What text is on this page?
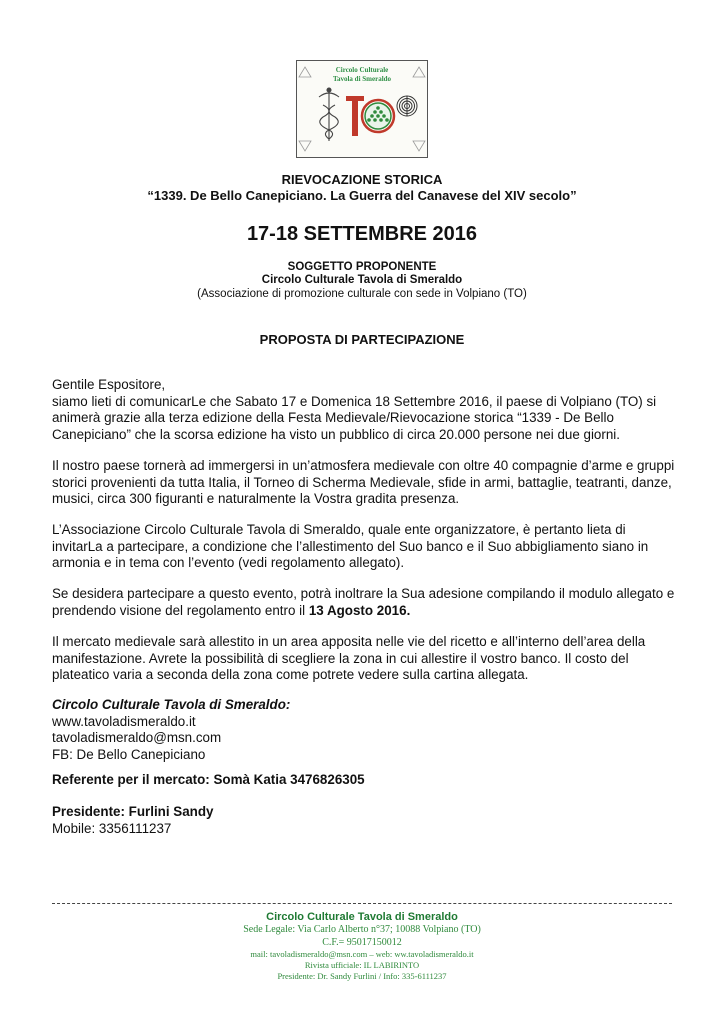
Circolo Culturale
Tavola di Smeraldo
RIEVOCAZIONE STORICA
“1339. De Bello Canepiciano. La Guerra del Canavese del XIV secolo”
17-18 SETTEMBRE 2016
SOGGETTO PROPONENTE
Circolo Culturale Tavola di Smeraldo
(Associazione di promozione culturale con sede in Volpiano (TO)
PROPOSTA DI PARTECIPAZIONE
Gentile Espositore,
siamo lieti di comunicarLe che Sabato 17 e Domenica 18 Settembre 2016, il paese di Volpiano (TO) si animerà grazie alla terza edizione della Festa Medievale/Rievocazione storica “1339 - De Bello Canepiciano” che la scorsa edizione ha visto un pubblico di circa 20.000 persone nei due giorni.
Il nostro paese tornerà ad immergersi in un’atmosfera medievale con oltre 40 compagnie d’arme e gruppi storici provenienti da tutta Italia, il Torneo di Scherma Medievale, sfide in armi, battaglie, teatranti, danze, musici, circa 300 figuranti e naturalmente la Vostra gradita presenza.
L’Associazione Circolo Culturale Tavola di Smeraldo, quale ente organizzatore, è pertanto lieta di invitarLa a partecipare, a condizione che l’allestimento del Suo banco e il Suo abbigliamento siano in armonia e in tema con l’evento (vedi regolamento allegato).
Se desidera partecipare a questo evento, potrà inoltrare la Sua adesione compilando il modulo allegato e prendendo visione del regolamento entro il 13 Agosto 2016.
Il mercato medievale sarà allestito in un area apposita nelle vie del ricetto e all’interno dell’area della manifestazione. Avrete la possibilità di scegliere la zona in cui allestire il vostro banco. Il costo del plateatico varia a seconda della zona come potrete vedere sulla cartina allegata.
Circolo Culturale Tavola di Smeraldo:
www.tavoladismeraldo.it
tavoladismeraldo@msn.com
FB: De Bello Canepiciano
Referente per il mercato: Somà Katia 3476826305
Presidente: Furlini Sandy
Mobile: 3356111237
Circolo Culturale Tavola di Smeraldo
Sede Legale: Via Carlo Alberto n°37; 10088 Volpiano (TO)
C.F.= 95017150012
mail: tavoladismeraldo@msn.com – web: ww.tavoladismeraldo.it
Rivista ufficiale: IL LABIRINTO
Presidente: Dr. Sandy Furlini / Info: 335-6111237
